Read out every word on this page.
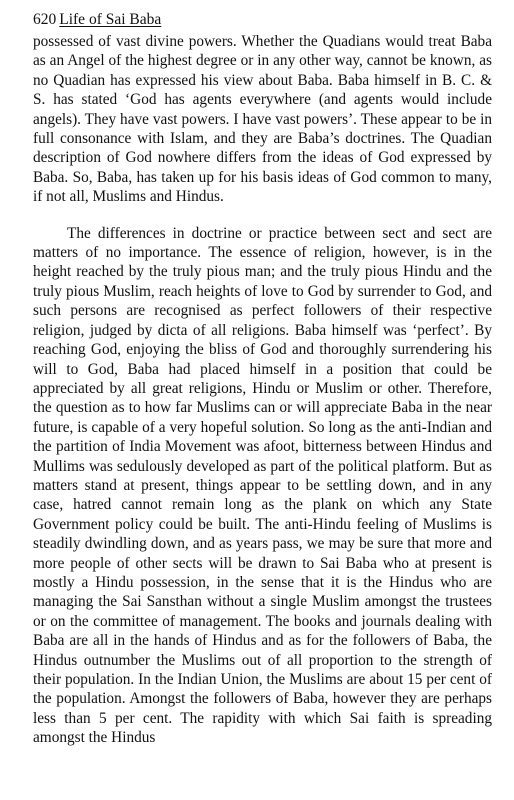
620 Life of Sai Baba

possessed of vast divine powers. Whether the Quadians would treat Baba as an Angel of the highest degree or in any other way, cannot be known, as no Quadian has expressed his view about Baba. Baba himself in B. C. & S. has stated ‘God has agents everywhere (and agents would include angels). They have vast powers. I have vast powers’. These appear to be in full consonance with Islam, and they are Baba’s doctrines. The Quadian description of God nowhere differs from the ideas of God expressed by Baba. So, Baba, has taken up for his basis ideas of God common to many, if not all, Muslims and Hindus.

The differences in doctrine or practice between sect and sect are matters of no importance. The essence of religion, however, is in the height reached by the truly pious man; and the truly pious Hindu and the truly pious Muslim, reach heights of love to God by surrender to God, and such persons are recognised as perfect followers of their respective religion, judged by dicta of all religions. Baba himself was ‘perfect’. By reaching God, enjoying the bliss of God and thoroughly surrendering his will to God, Baba had placed himself in a position that could be appreciated by all great religions, Hindu or Muslim or other. Therefore, the question as to how far Muslims can or will appreciate Baba in the near future, is capable of a very hopeful solution. So long as the anti-Indian and the partition of India Movement was afoot, bitterness between Hindus and Mullims was sedulously developed as part of the political platform. But as matters stand at present, things appear to be settling down, and in any case, hatred cannot remain long as the plank on which any State Government policy could be built. The anti-Hindu feeling of Muslims is steadily dwindling down, and as years pass, we may be sure that more and more people of other sects will be drawn to Sai Baba who at present is mostly a Hindu possession, in the sense that it is the Hindus who are managing the Sai Sansthan without a single Muslim amongst the trustees or on the committee of management. The books and journals dealing with Baba are all in the hands of Hindus and as for the followers of Baba, the Hindus outnumber the Muslims out of all proportion to the strength of their population. In the Indian Union, the Muslims are about 15 per cent of the population. Amongst the followers of Baba, however they are perhaps less than 5 per cent. The rapidity with which Sai faith is spreading amongst the Hindus
